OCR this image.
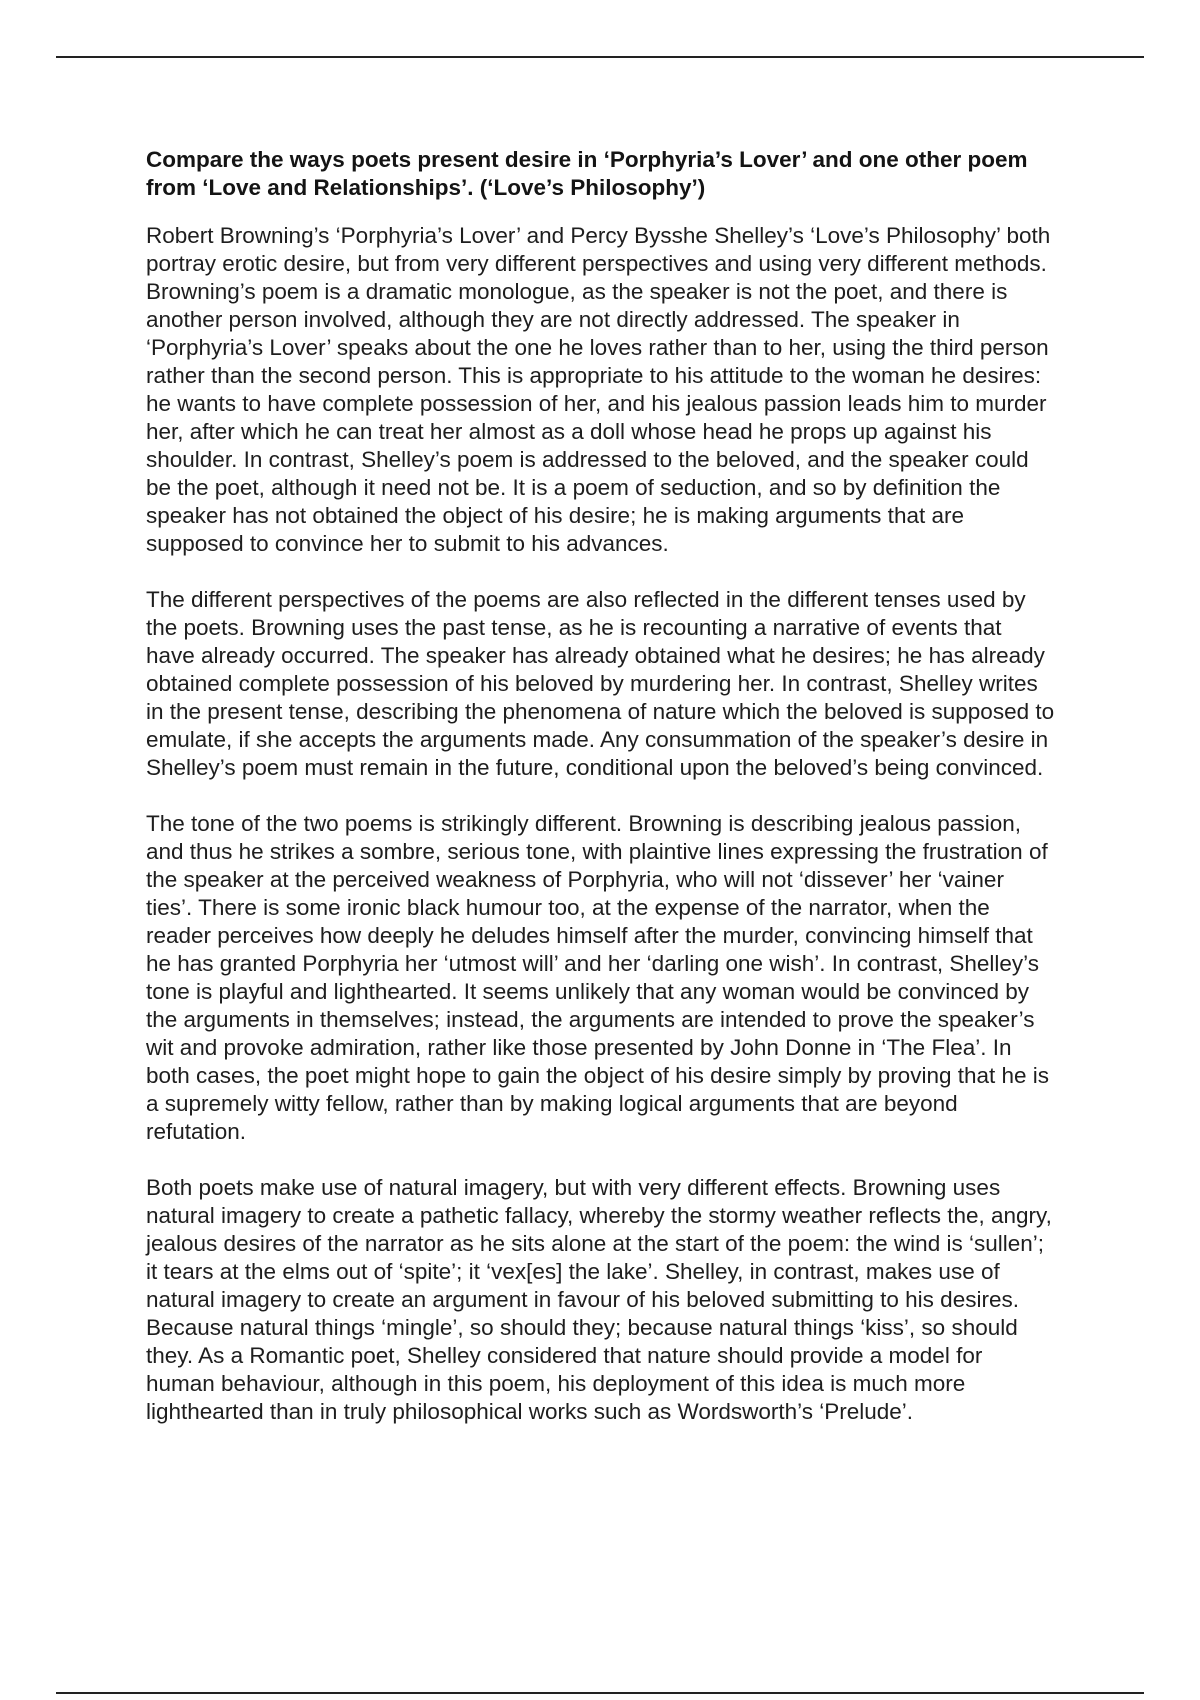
Compare the ways poets present desire in ‘Porphyria’s Lover’ and one other poem from ‘Love and Relationships’. (‘Love’s Philosophy’)

Robert Browning’s ‘Porphyria’s Lover’ and Percy Bysshe Shelley’s ‘Love’s Philosophy’ both portray erotic desire, but from very different perspectives and using very different methods. Browning’s poem is a dramatic monologue, as the speaker is not the poet, and there is another person involved, although they are not directly addressed. The speaker in ‘Porphyria’s Lover’ speaks about the one he loves rather than to her, using the third person rather than the second person. This is appropriate to his attitude to the woman he desires: he wants to have complete possession of her, and his jealous passion leads him to murder her, after which he can treat her almost as a doll whose head he props up against his shoulder. In contrast, Shelley’s poem is addressed to the beloved, and the speaker could be the poet, although it need not be. It is a poem of seduction, and so by definition the speaker has not obtained the object of his desire; he is making arguments that are supposed to convince her to submit to his advances.

The different perspectives of the poems are also reflected in the different tenses used by the poets. Browning uses the past tense, as he is recounting a narrative of events that have already occurred. The speaker has already obtained what he desires; he has already obtained complete possession of his beloved by murdering her. In contrast, Shelley writes in the present tense, describing the phenomena of nature which the beloved is supposed to emulate, if she accepts the arguments made. Any consummation of the speaker’s desire in Shelley’s poem must remain in the future, conditional upon the beloved’s being convinced.

The tone of the two poems is strikingly different. Browning is describing jealous passion, and thus he strikes a sombre, serious tone, with plaintive lines expressing the frustration of the speaker at the perceived weakness of Porphyria, who will not ‘dissever’ her ‘vainer ties’. There is some ironic black humour too, at the expense of the narrator, when the reader perceives how deeply he deludes himself after the murder, convincing himself that he has granted Porphyria her ‘utmost will’ and her ‘darling one wish’. In contrast, Shelley’s tone is playful and lighthearted. It seems unlikely that any woman would be convinced by the arguments in themselves; instead, the arguments are intended to prove the speaker’s wit and provoke admiration, rather like those presented by John Donne in ‘The Flea’. In both cases, the poet might hope to gain the object of his desire simply by proving that he is a supremely witty fellow, rather than by making logical arguments that are beyond refutation.

Both poets make use of natural imagery, but with very different effects. Browning uses natural imagery to create a pathetic fallacy, whereby the stormy weather reflects the, angry, jealous desires of the narrator as he sits alone at the start of the poem: the wind is ‘sullen’; it tears at the elms out of ‘spite’; it ‘vex[es] the lake’. Shelley, in contrast, makes use of natural imagery to create an argument in favour of his beloved submitting to his desires. Because natural things ‘mingle’, so should they; because natural things ‘kiss’, so should they. As a Romantic poet, Shelley considered that nature should provide a model for human behaviour, although in this poem, his deployment of this idea is much more lighthearted than in truly philosophical works such as Wordsworth’s ‘Prelude’.
